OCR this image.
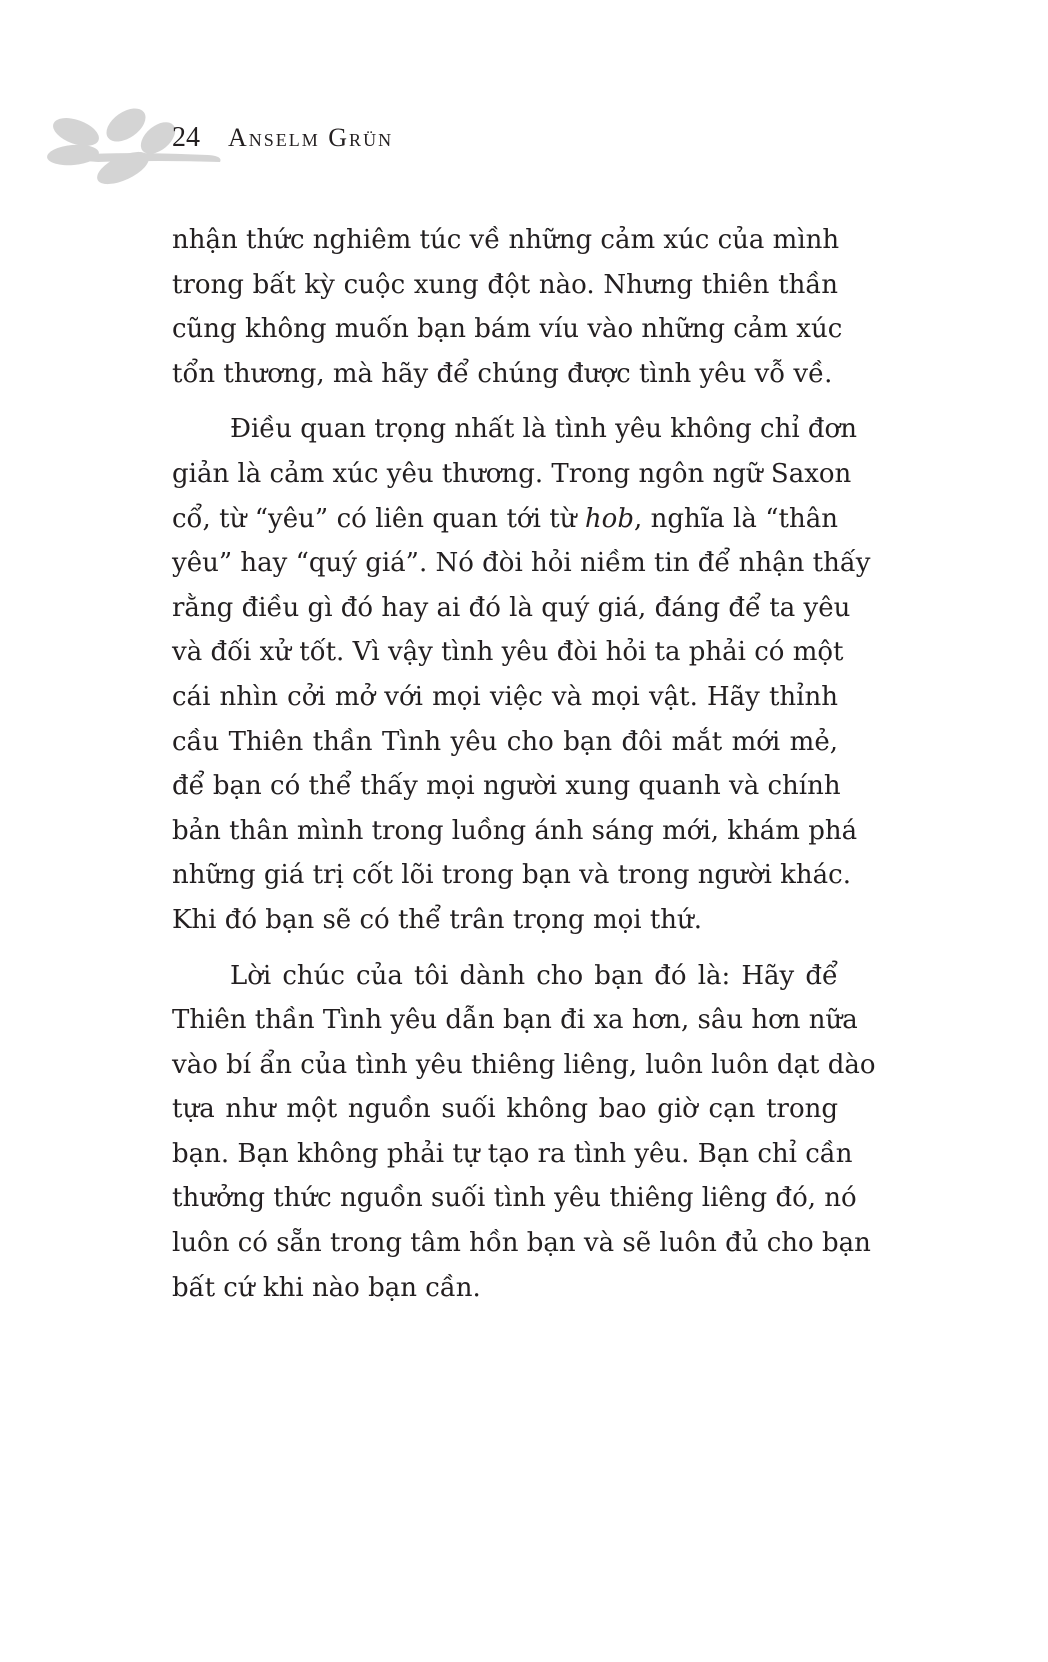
24 Anselm Grün
nhận thức nghiêm túc về những cảm xúc của mình
trong bất kỳ cuộc xung đột nào. Nhưng thiên thần
cũng không muốn bạn bám víu vào những cảm xúc
tổn thương, mà hãy để chúng được tình yêu vỗ về.
Điều quan trọng nhất là tình yêu không chỉ đơn
giản là cảm xúc yêu thương. Trong ngôn ngữ Saxon
cổ, từ “yêu” có liên quan tới từ hob, nghĩa là “thân
yêu” hay “quý giá”. Nó đòi hỏi niềm tin để nhận thấy
rằng điều gì đó hay ai đó là quý giá, đáng để ta yêu
và đối xử tốt. Vì vậy tình yêu đòi hỏi ta phải có một
cái nhìn cởi mở với mọi việc và mọi vật. Hãy thỉnh
cầu Thiên thần Tình yêu cho bạn đôi mắt mới mẻ,
để bạn có thể thấy mọi người xung quanh và chính
bản thân mình trong luồng ánh sáng mới, khám phá
những giá trị cốt lõi trong bạn và trong người khác.
Khi đó bạn sẽ có thể trân trọng mọi thứ.
Lời chúc của tôi dành cho bạn đó là: Hãy để
Thiên thần Tình yêu dẫn bạn đi xa hơn, sâu hơn nữa
vào bí ẩn của tình yêu thiêng liêng, luôn luôn dạt dào
tựa như một nguồn suối không bao giờ cạn trong
bạn. Bạn không phải tự tạo ra tình yêu. Bạn chỉ cần
thưởng thức nguồn suối tình yêu thiêng liêng đó, nó
luôn có sẵn trong tâm hồn bạn và sẽ luôn đủ cho bạn
bất cứ khi nào bạn cần.
